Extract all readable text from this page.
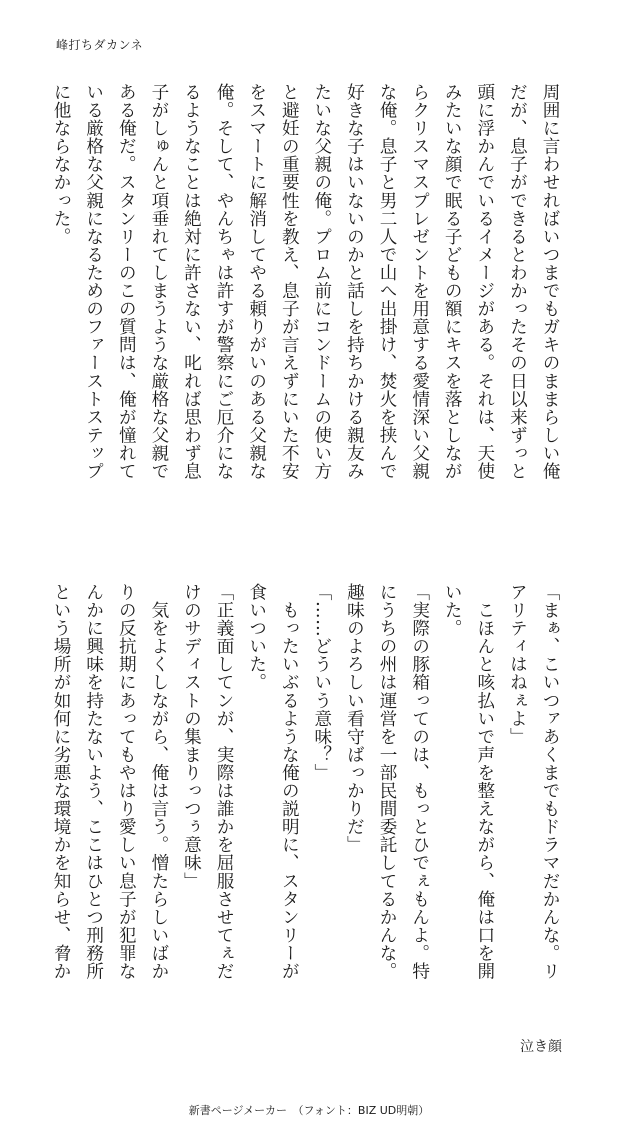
峰打ちダカンネ
周囲に言わせればいつまでもガキのままらしい俺
だが、息子ができるとわかったその日以来ずっと
頭に浮かんでいるイメージがある。それは、天使
みたいな顔で眠る子どもの額にキスを落としなが
らクリスマスプレゼントを用意する愛情深い父親
な俺。息子と男二人で山へ出掛け、焚火を挟んで
好きな子はいないのかと話しを持ちかける親友み
たいな父親の俺。プロム前にコンドームの使い方
と避妊の重要性を教え、息子が言えずにいた不安
をスマートに解消してやる頼りがいのある父親な
俺。そして、やんちゃは許すが警察にご厄介にな
るようなことは絶対に許さない、叱れば思わず息
子がしゅんと項垂れてしまうような厳格な父親で
ある俺だ。スタンリーのこの質問は、俺が憧れて
いる厳格な父親になるための⁠ファーストステップ
に他ならなかった。
「まぁ、こいつァあくまでもドラマだかんな。リ
アリティはねぇよ」
　こほんと咳払いで声を整えながら、俺は口を開
いた。
「実際の豚箱ってのは、もっとひでぇもんよ。特
にうちの州は運営を一部民間委託してるかんな。
趣味のよろしい看守ばっかりだ」
「……どういう意味？」
　もったいぶるような俺の説明に、スタンリーが
食いついた。
「正義面してンが、実際は誰かを屈服させてぇだ
けのサディストの集まりっつぅ意味」
　気をよくしながら、俺は言う。憎たらしいばか
りの反抗期にあってもやはり愛しい息子が犯罪な
んかに興味を持たないよう、ここはひとつ刑務所
という場所が如何に劣悪な環境かを知らせ、脅か
泣き顔
新書ページメーカー　（フォント：BIZ UD明朝）
